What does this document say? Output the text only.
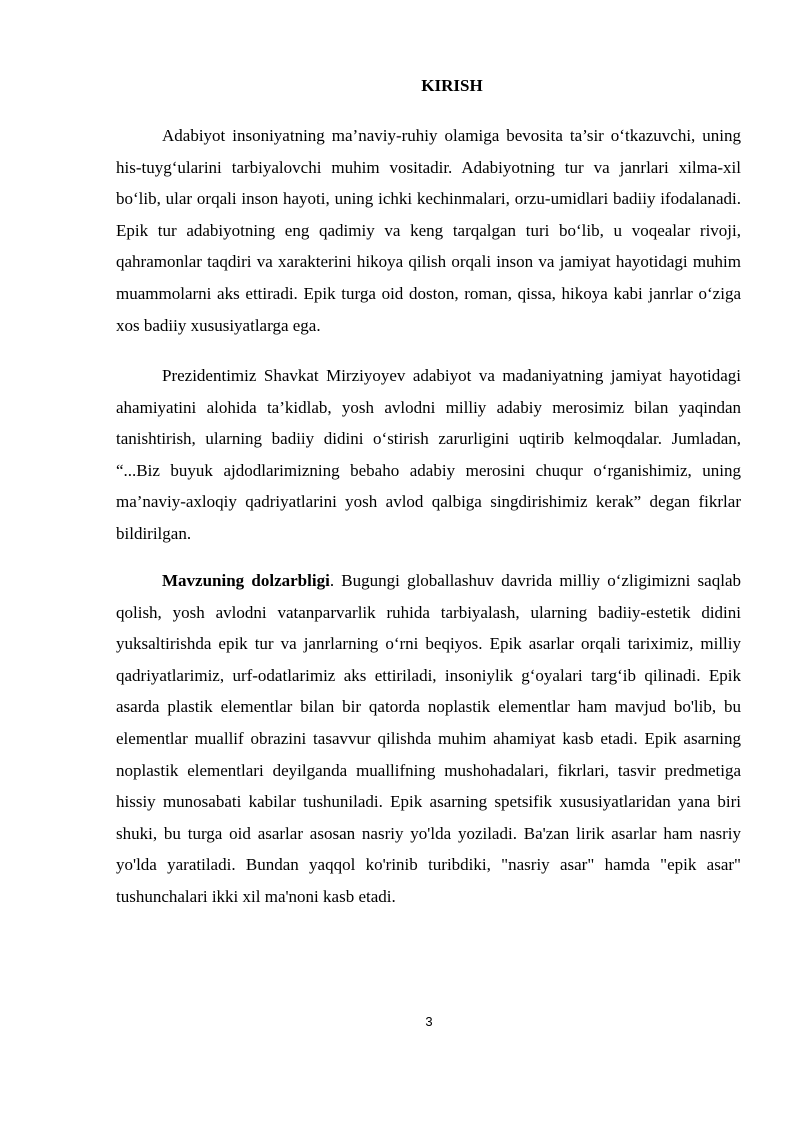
KIRISH

Adabiyot insoniyatning ma’naviy-ruhiy olamiga bevosita ta’sir o‘tkazuvchi, uning his-tuyg‘ularini tarbiyalovchi muhim vositadir. Adabiyotning tur va janrlari xilma-xil bo‘lib, ular orqali inson hayoti, uning ichki kechinmalari, orzu-umidlari badiiy ifodalanadi. Epik tur adabiyotning eng qadimiy va keng tarqalgan turi bo‘lib, u voqealar rivoji, qahramonlar taqdiri va xarakterini hikoya qilish orqali inson va jamiyat hayotidagi muhim muammolarni aks ettiradi. Epik turga oid doston, roman, qissa, hikoya kabi janrlar o‘ziga xos badiiy xususiyatlarga ega.

Prezidentimiz Shavkat Mirziyoyev adabiyot va madaniyatning jamiyat hayotidagi ahamiyatini alohida ta’kidlab, yosh avlodni milliy adabiy merosimiz bilan yaqindan tanishtirish, ularning badiiy didini o‘stirish zarurligini uqtirib kelmoqdalar. Jumladan, “...Biz buyuk ajdodlarimizning bebaho adabiy merosini chuqur o‘rganishimiz, uning ma’naviy-axloqiy qadriyatlarini yosh avlod qalbiga singdirishimiz kerak” degan fikrlar bildirilgan.

Mavzuning dolzarbligi. Bugungi globallashuv davrida milliy o‘zligimizni saqlab qolish, yosh avlodni vatanparvarlik ruhida tarbiyalash, ularning badiiy-estetik didini yuksaltirishda epik tur va janrlarning o‘rni beqiyos. Epik asarlar orqali tariximiz, milliy qadriyatlarimiz, urf-odatlarimiz aks ettiriladi, insoniylik g‘oyalari targ‘ib qilinadi. Epik asarda plastik elementlar bilan bir qatorda noplastik elementlar ham mavjud bo'lib, bu elementlar muallif obrazini tasavvur qilishda muhim ahamiyat kasb etadi. Epik asarning noplastik elementlari deyilganda muallifning mushohadalari, fikrlari, tasvir predmetiga hissiy munosabati kabilar tushuniladi. Epik asarning spetsifik xususiyatlaridan yana biri shuki, bu turga oid asarlar asosan nasriy yo'lda yoziladi. Ba'zan lirik asarlar ham nasriy yo'lda yaratiladi. Bundan yaqqol ko'rinib turibdiki, "nasriy asar" hamda "epik asar" tushunchalari ikki xil ma'noni kasb etadi.

3
